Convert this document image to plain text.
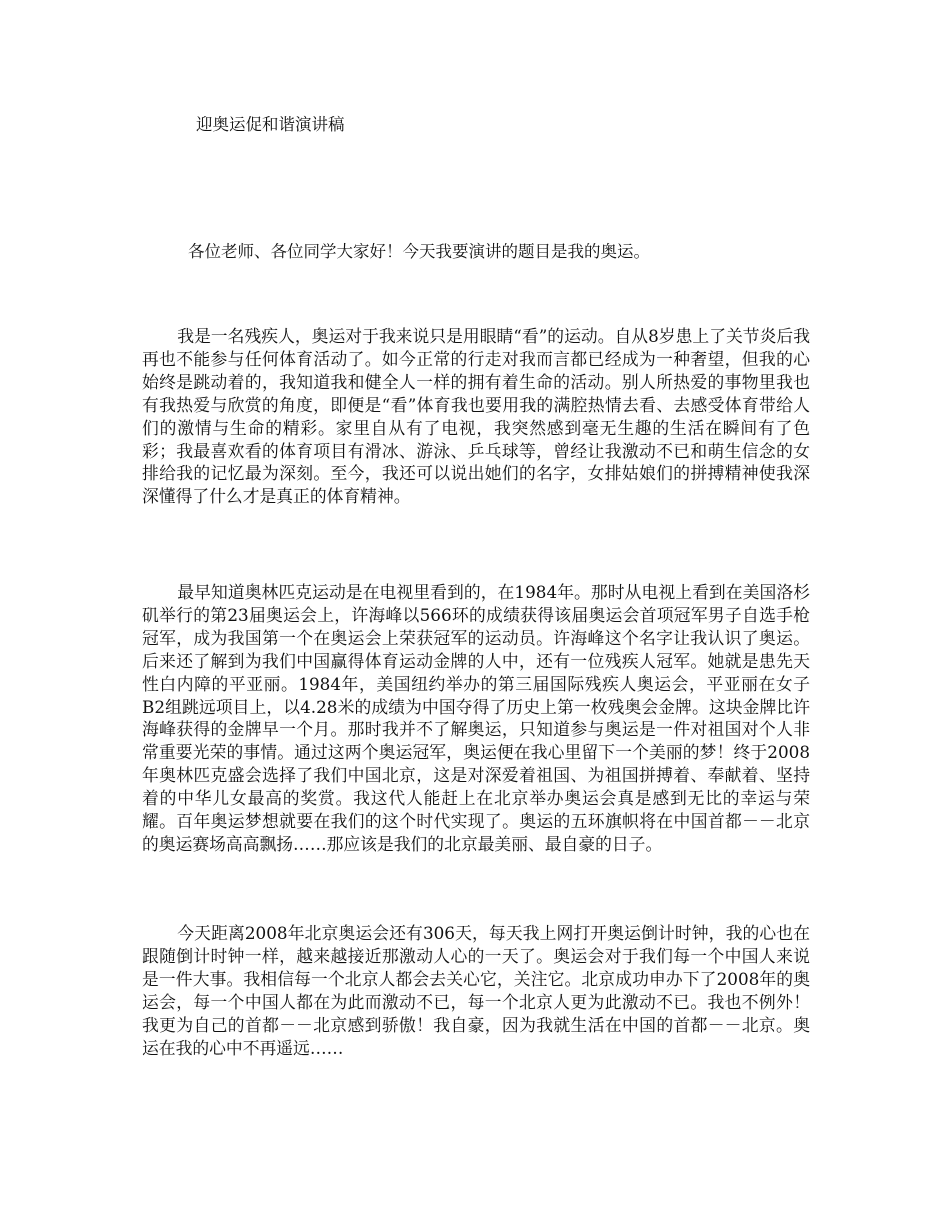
迎奥运促和谐演讲稿

各位老师、各位同学大家好！今天我要演讲的题目是我的奥运。

我是一名残疾人，奥运对于我来说只是用眼睛“看”的运动。自从8岁患上了关节炎后我再也不能参与任何体育活动了。如今正常的行走对我而言都已经成为一种奢望，但我的心始终是跳动着的，我知道我和健全人一样的拥有着生命的活动。别人所热爱的事物里我也有我热爱与欣赏的角度，即便是“看”体育我也要用我的满腔热情去看、去感受体育带给人们的激情与生命的精彩。家里自从有了电视，我突然感到毫无生趣的生活在瞬间有了色彩；我最喜欢看的体育项目有滑冰、游泳、乒乓球等，曾经让我激动不已和萌生信念的女排给我的记忆最为深刻。至今，我还可以说出她们的名字，女排姑娘们的拼搏精神使我深深懂得了什么才是真正的体育精神。

最早知道奥林匹克运动是在电视里看到的，在1984年。那时从电视上看到在美国洛杉矶举行的第23届奥运会上，许海峰以566环的成绩获得该届奥运会首项冠军男子自选手枪冠军，成为我国第一个在奥运会上荣获冠军的运动员。许海峰这个名字让我认识了奥运。后来还了解到为我们中国赢得体育运动金牌的人中，还有一位残疾人冠军。她就是患先天性白内障的平亚丽。1984年，美国纽约举办的第三届国际残疾人奥运会，平亚丽在女子B2组跳远项目上，以4.28米的成绩为中国夺得了历史上第一枚残奥会金牌。这块金牌比许海峰获得的金牌早一个月。那时我并不了解奥运，只知道参与奥运是一件对祖国对个人非常重要光荣的事情。通过这两个奥运冠军，奥运便在我心里留下一个美丽的梦！终于2008年奥林匹克盛会选择了我们中国北京，这是对深爱着祖国、为祖国拼搏着、奉献着、坚持着的中华儿女最高的奖赏。我这代人能赶上在北京举办奥运会真是感到无比的幸运与荣耀。百年奥运梦想就要在我们的这个时代实现了。奥运的五环旗帜将在中国首都－－北京的奥运赛场高高飘扬……那应该是我们的北京最美丽、最自豪的日子。

今天距离2008年北京奥运会还有306天，每天我上网打开奥运倒计时钟，我的心也在跟随倒计时钟一样，越来越接近那激动人心的一天了。奥运会对于我们每一个中国人来说是一件大事。我相信每一个北京人都会去关心它，关注它。北京成功申办下了2008年的奥运会，每一个中国人都在为此而激动不已，每一个北京人更为此激动不已。我也不例外！我更为自己的首都－－北京感到骄傲！我自豪，因为我就生活在中国的首都－－北京。奥运在我的心中不再遥远……
